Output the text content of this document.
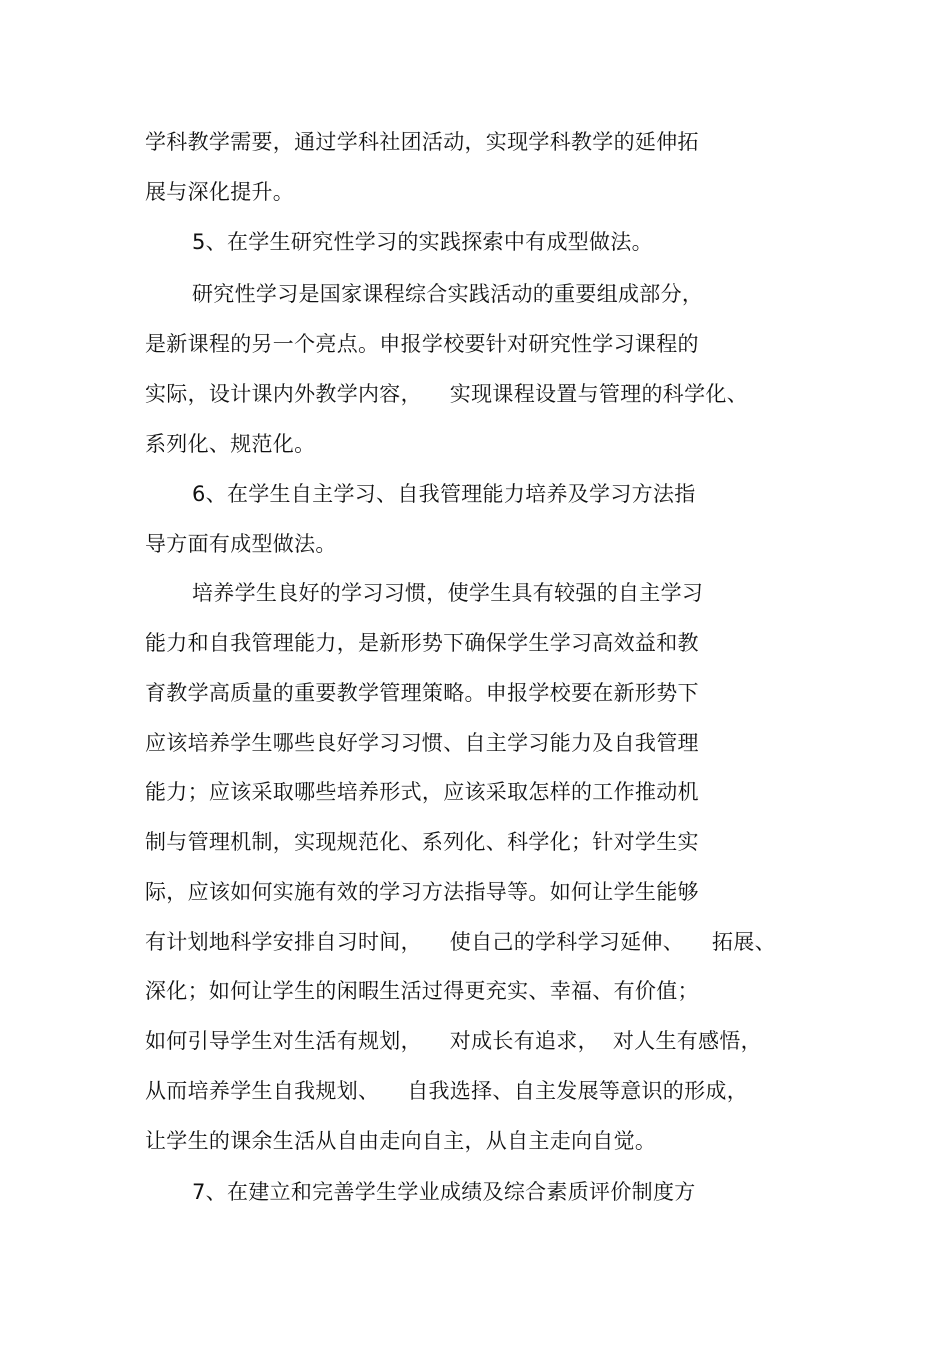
学科教学需要，通过学科社团活动，实现学科教学的延伸拓
展与深化提升。
5、在学生研究性学习的实践探索中有成型做法。
研究性学习是国家课程综合实践活动的重要组成部分，
是新课程的另一个亮点。申报学校要针对研究性学习课程的
实际，设计课内外教学内容，    实现课程设置与管理的科学化、
系列化、规范化。
6、在学生自主学习、自我管理能力培养及学习方法指
导方面有成型做法。
培养学生良好的学习习惯，使学生具有较强的自主学习
能力和自我管理能力，是新形势下确保学生学习高效益和教
育教学高质量的重要教学管理策略。申报学校要在新形势下
应该培养学生哪些良好学习习惯、自主学习能力及自我管理
能力；应该采取哪些培养形式，应该采取怎样的工作推动机
制与管理机制，实现规范化、系列化、科学化；针对学生实
际，应该如何实施有效的学习方法指导等。如何让学生能够
有计划地科学安排自习时间，    使自己的学科学习延伸、    拓展、
深化；如何让学生的闲暇生活过得更充实、幸福、有价值；
如何引导学生对生活有规划，    对成长有追求，  对人生有感悟，
从而培养学生自我规划、    自我选择、自主发展等意识的形成，
让学生的课余生活从自由走向自主，从自主走向自觉。
7、在建立和完善学生学业成绩及综合素质评价制度方
